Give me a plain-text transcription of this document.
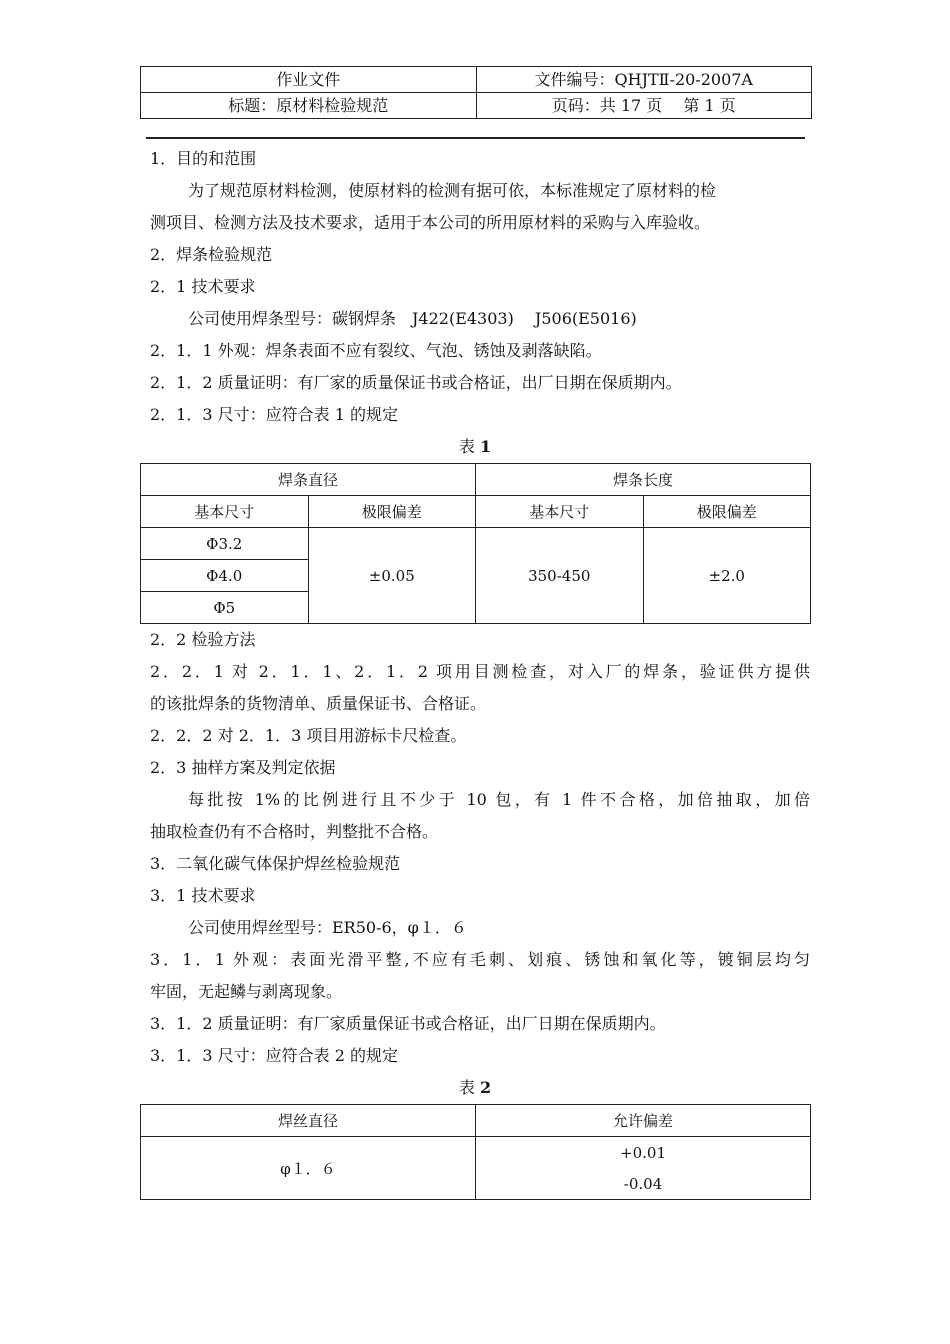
作业文件	文件编号：QHJTⅡ-20-2007A
标题：原材料检验规范	页码：共 17 页　 第 1 页
1．目的和范围
为了规范原材料检测，使原材料的检测有据可依，本标准规定了原材料的检
测项目、检测方法及技术要求，适用于本公司的所用原材料的采购与入库验收。
2．焊条检验规范
2．1 技术要求
公司使用焊条型号：碳钢焊条　J422(E4303)　 J506(E5016)
2．1．1 外观：焊条表面不应有裂纹、气泡、锈蚀及剥落缺陷。
2．1．2 质量证明：有厂家的质量保证书或合格证，出厂日期在保质期内。
2．1．3 尺寸：应符合表 1 的规定
表 1
焊条直径		焊条长度	
基本尺寸	极限偏差	基本尺寸	极限偏差
Φ3.2	±0.05	350-450	±2.0
Φ4.0			
Φ5			
2．2 检验方法
2．2．1 对 2．1．1、2．1．2 项用目测检查，对入厂的焊条，验证供方提供
的该批焊条的货物清单、质量保证书、合格证。
2．2．2 对 2．1．3 项目用游标卡尺检查。
2．3 抽样方案及判定依据
每批按 1%的比例进行且不少于 10 包，有 1 件不合格，加倍抽取，加倍
抽取检查仍有不合格时，判整批不合格。
3．二氧化碳气体保护焊丝检验规范
3．1 技术要求
公司使用焊丝型号：ER50-6，φ１．６
3．1．1 外观：表面光滑平整,不应有毛刺、划痕、锈蚀和氧化等，镀铜层均匀
牢固，无起鳞与剥离现象。
3．1．2 质量证明：有厂家质量保证书或合格证，出厂日期在保质期内。
3．1．3 尺寸：应符合表 2 的规定
表 2
焊丝直径	允许偏差
φ１．６	+0.01
	-0.04
